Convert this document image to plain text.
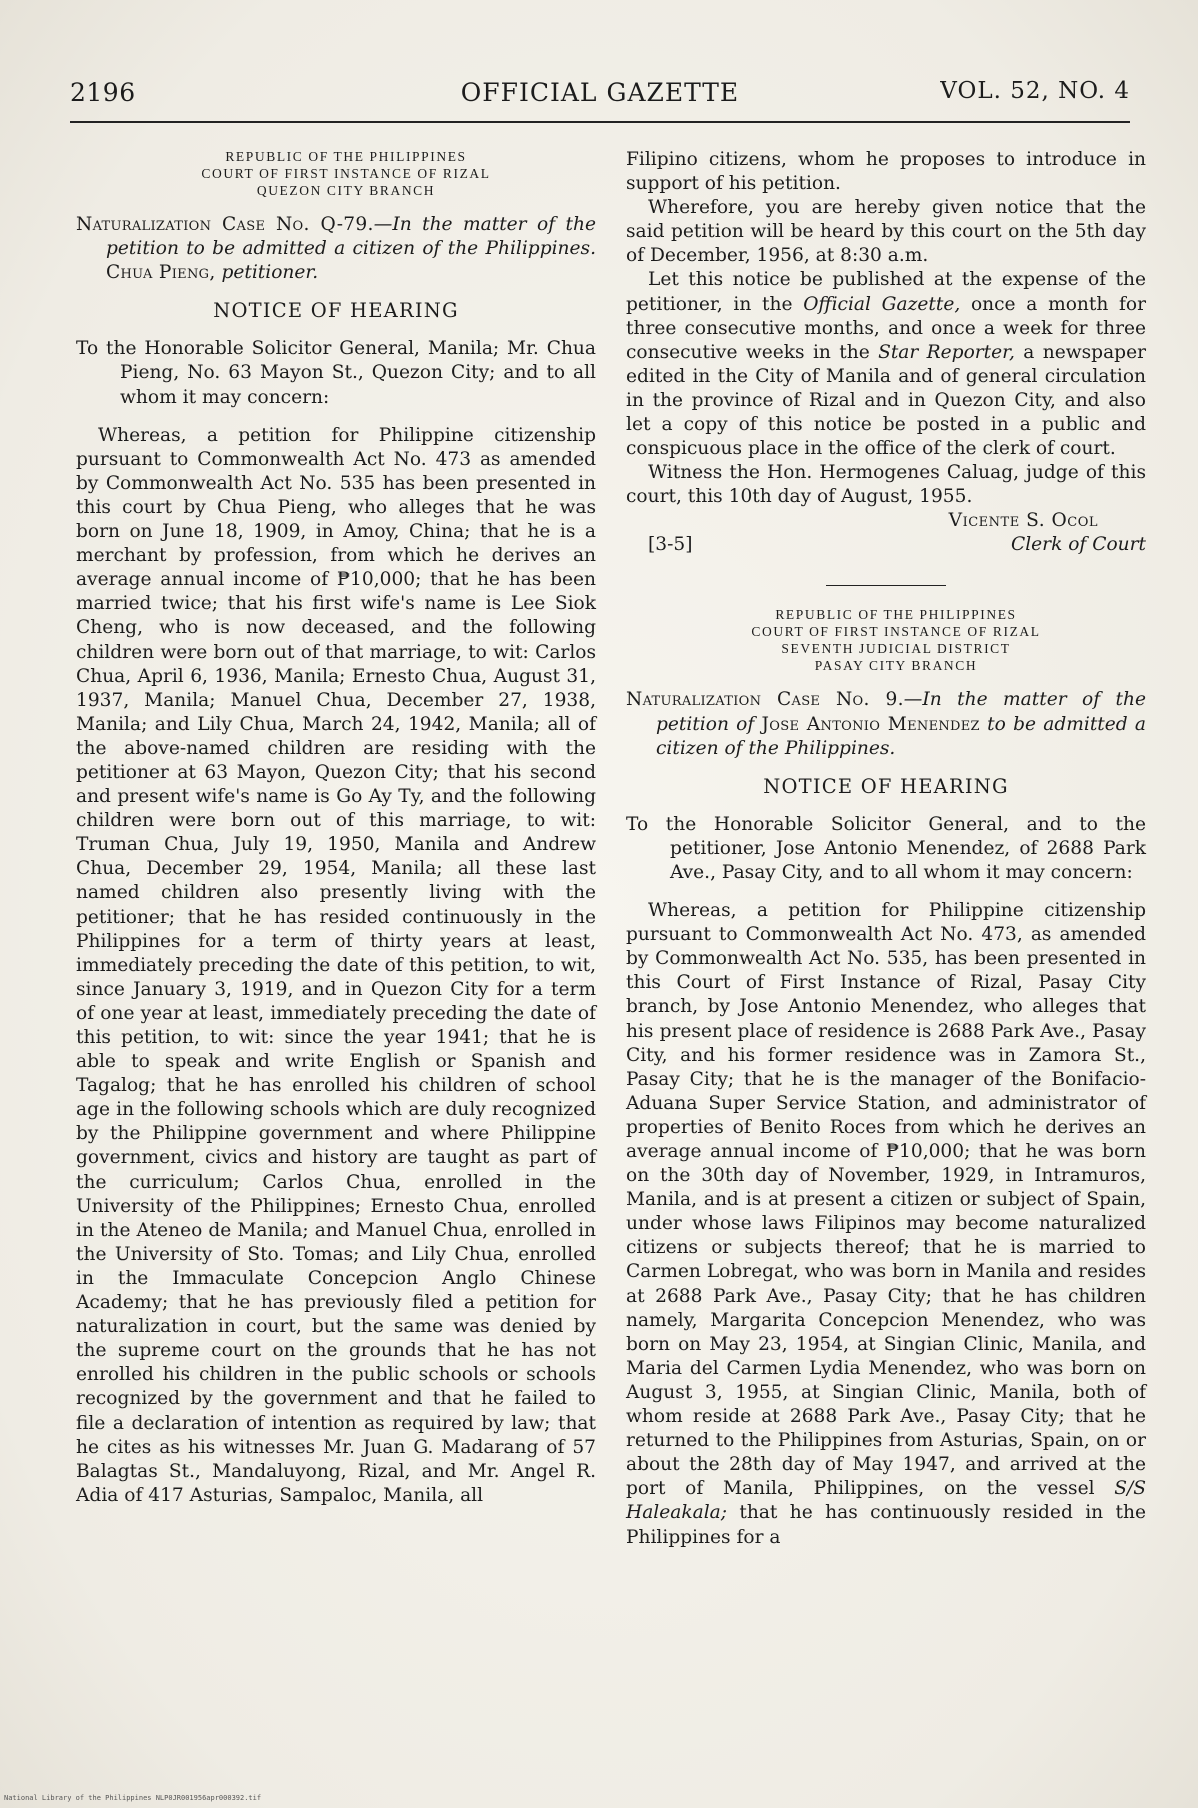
2196	OFFICIAL GAZETTE	VOL. 52, NO. 4
REPUBLIC OF THE PHILIPPINES
COURT OF FIRST INSTANCE OF RIZAL
QUEZON CITY BRANCH
Naturalization Case No. Q-79.—In the matter of the petition to be admitted a citizen of the Philippines. Chua Pieng, petitioner.
NOTICE OF HEARING
To the Honorable Solicitor General, Manila; Mr. Chua Pieng, No. 63 Mayon St., Quezon City; and to all whom it may concern:

Whereas, a petition for Philippine citizenship pursuant to Commonwealth Act No. 473 as amended by Commonwealth Act No. 535 has been presented in this court by Chua Pieng, who alleges that he was born on June 18, 1909, in Amoy, China; that he is a merchant by profession, from which he derives an average annual income of ₱10,000; that he has been married twice; that his first wife's name is Lee Siok Cheng, who is now deceased, and the following children were born out of that marriage, to wit: Carlos Chua, April 6, 1936, Manila; Ernesto Chua, August 31, 1937, Manila; Manuel Chua, December 27, 1938, Manila; and Lily Chua, March 24, 1942, Manila; all of the above-named children are residing with the petitioner at 63 Mayon, Quezon City; that his second and present wife's name is Go Ay Ty, and the following children were born out of this marriage, to wit: Truman Chua, July 19, 1950, Manila and Andrew Chua, December 29, 1954, Manila; all these last named children also presently living with the petitioner; that he has resided continuously in the Philippines for a term of thirty years at least, immediately preceding the date of this petition, to wit, since January 3, 1919, and in Quezon City for a term of one year at least, immediately preceding the date of this petition, to wit: since the year 1941; that he is able to speak and write English or Spanish and Tagalog; that he has enrolled his children of school age in the following schools which are duly recognized by the Philippine government and where Philippine government, civics and history are taught as part of the curriculum; Carlos Chua, enrolled in the University of the Philippines; Ernesto Chua, enrolled in the Ateneo de Manila; and Manuel Chua, enrolled in the University of Sto. Tomas; and Lily Chua, enrolled in the Immaculate Concepcion Anglo Chinese Academy; that he has previously filed a petition for naturalization in court, but the same was denied by the supreme court on the grounds that he has not enrolled his children in the public schools or schools recognized by the government and that he failed to file a declaration of intention as required by law; that he cites as his witnesses Mr. Juan G. Madarang of 57 Balagtas St., Mandaluyong, Rizal, and Mr. Angel R. Adia of 417 Asturias, Sampaloc, Manila, all

Filipino citizens, whom he proposes to introduce in support of his petition.

Wherefore, you are hereby given notice that the said petition will be heard by this court on the 5th day of December, 1956, at 8:30 a.m.

Let this notice be published at the expense of the petitioner, in the Official Gazette, once a month for three consecutive months, and once a week for three consecutive weeks in the Star Reporter, a newspaper edited in the City of Manila and of general circulation in the province of Rizal and in Quezon City, and also let a copy of this notice be posted in a public and conspicuous place in the office of the clerk of court.

Witness the Hon. Hermogenes Caluag, judge of this court, this 10th day of August, 1955.

Vicente S. Ocol
[3-5]	Clerk of Court
REPUBLIC OF THE PHILIPPINES
COURT OF FIRST INSTANCE OF RIZAL
SEVENTH JUDICIAL DISTRICT
PASAY CITY BRANCH
Naturalization Case No. 9.—In the matter of the petition of Jose Antonio Menendez to be admitted a citizen of the Philippines.
NOTICE OF HEARING
To the Honorable Solicitor General, and to the petitioner, Jose Antonio Menendez, of 2688 Park Ave., Pasay City, and to all whom it may concern:

Whereas, a petition for Philippine citizenship pursuant to Commonwealth Act No. 473, as amended by Commonwealth Act No. 535, has been presented in this Court of First Instance of Rizal, Pasay City branch, by Jose Antonio Menendez, who alleges that his present place of residence is 2688 Park Ave., Pasay City, and his former residence was in Zamora St., Pasay City; that he is the manager of the Bonifacio-Aduana Super Service Station, and administrator of properties of Benito Roces from which he derives an average annual income of ₱10,000; that he was born on the 30th day of November, 1929, in Intramuros, Manila, and is at present a citizen or subject of Spain, under whose laws Filipinos may become naturalized citizens or subjects thereof; that he is married to Carmen Lobregat, who was born in Manila and resides at 2688 Park Ave., Pasay City; that he has children namely, Margarita Concepcion Menendez, who was born on May 23, 1954, at Singian Clinic, Manila, and Maria del Carmen Lydia Menendez, who was born on August 3, 1955, at Singian Clinic, Manila, both of whom reside at 2688 Park Ave., Pasay City; that he returned to the Philippines from Asturias, Spain, on or about the 28th day of May 1947, and arrived at the port of Manila, Philippines, on the vessel S/S Haleakala; that he has continuously resided in the Philippines for a

National Library of the Philippines NLP0JR001956apr000392.tif
